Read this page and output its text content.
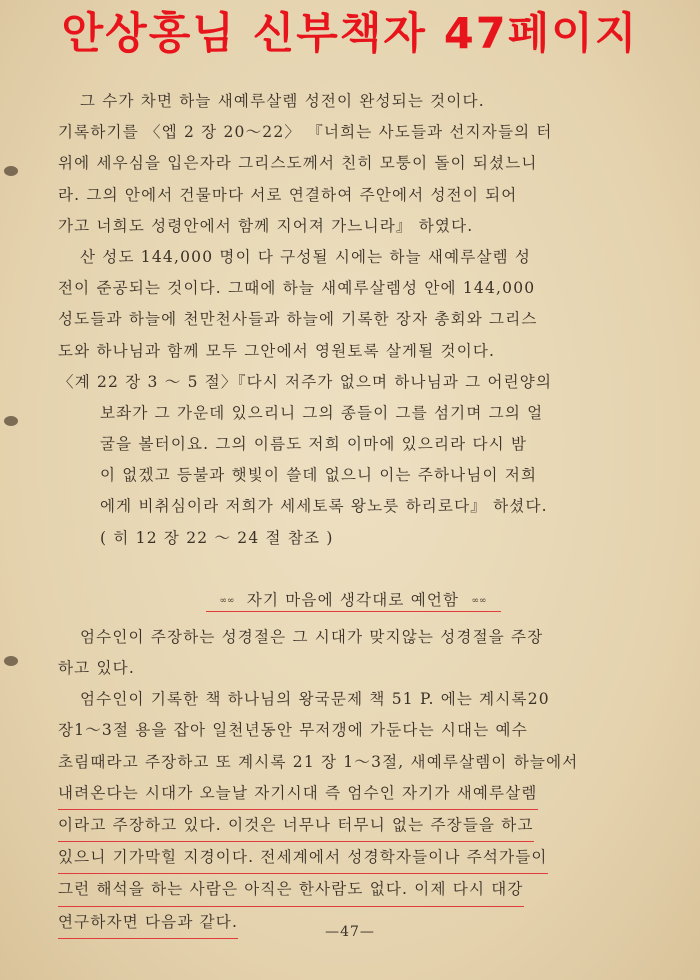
안상홍님 신부책자 47페이지
그 수가 차면 하늘 새예루살렘 성전이 완성되는 것이다.
기록하기를 〈엡 2 장 20～22〉 『너희는 사도들과 선지자들의 터
위에 세우심을 입은자라 그리스도께서 친히 모퉁이 돌이 되셨느니
라. 그의 안에서 건물마다 서로 연결하여 주안에서 성전이 되어
가고 너희도 성령안에서 함께 지어져 가느니라』 하였다.
산 성도 144,000 명이 다 구성될 시에는 하늘 새예루살렘 성
전이 준공되는 것이다. 그때에 하늘 새예루살렘성 안에 144,000
성도들과 하늘에 천만천사들과 하늘에 기록한 장자 총회와 그리스
도와 하나님과 함께 모두 그안에서 영원토록 살게될 것이다.
〈계 22 장 3 ～ 5 절〉『다시 저주가 없으며 하나님과 그 어린양의
보좌가 그 가운데 있으리니 그의 종들이 그를 섬기며 그의 얼
굴을 볼터이요. 그의 이름도 저희 이마에 있으리라 다시 밤
이 없겠고 등불과 햇빛이 쓸데 없으니 이는 주하나님이 저희
에게 비취심이라 저희가 세세토록 왕노릇 하리로다』 하셨다.
( 히 12 장 22 ～ 24 절 참조 )
∞∞ 자기 마음에 생각대로 예언함 ∞∞
엄수인이 주장하는 성경절은 그 시대가 맞지않는 성경절을 주장
하고 있다.
엄수인이 기록한 책 하나님의 왕국문제 책 51 P. 에는 계시록20
장1～3절 용을 잡아 일천년동안 무저갱에 가둔다는 시대는 예수
초림때라고 주장하고 또 계시록 21 장 1～3절, 새예루살렘이 하늘에서
내려온다는 시대가 오늘날 자기시대 즉 엄수인 자기가 새예루살렘
이라고 주장하고 있다. 이것은 너무나 터무니 없는 주장들을 하고
있으니 기가막힐 지경이다. 전세계에서 성경학자들이나 주석가들이
그런 해석을 하는 사람은 아직은 한사람도 없다. 이제 다시 대강
연구하자면 다음과 같다.
—47—
